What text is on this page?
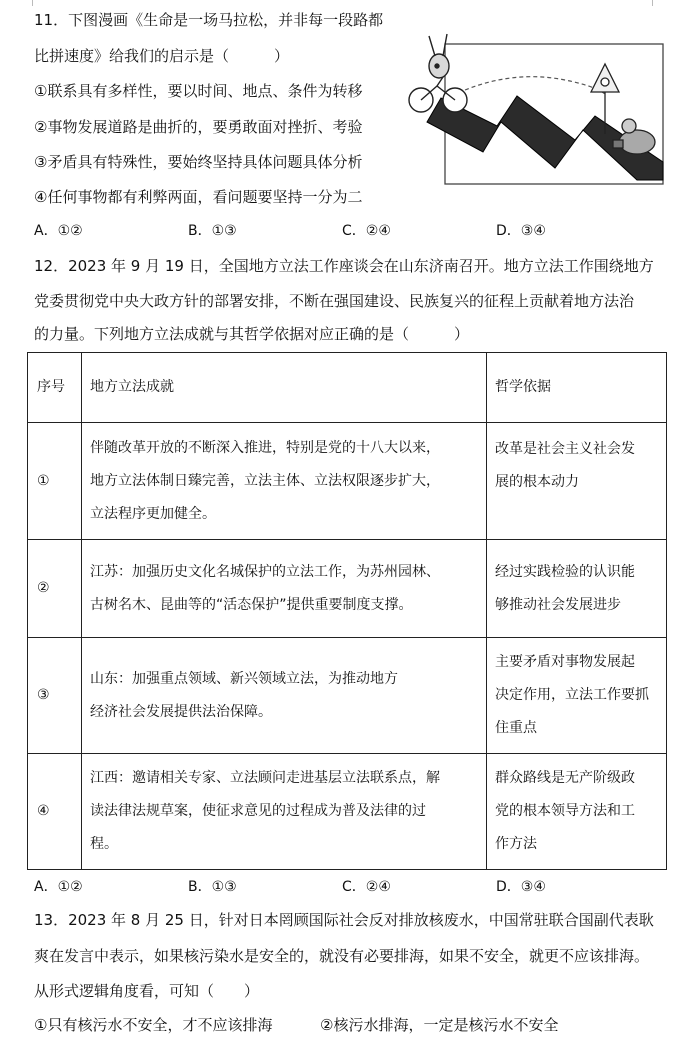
11．下图漫画《生命是一场马拉松，并非每一段路都
比拼速度》给我们的启示是（　　　）
①联系具有多样性，要以时间、地点、条件为转移
②事物发展道路是曲折的，要勇敢面对挫折、考验
③矛盾具有特殊性，要始终坚持具体问题具体分析
④任何事物都有利弊两面，看问题要坚持一分为二
A．①②	B．①③	C．②④	D．③④
12．2023 年 9 月 19 日，全国地方立法工作座谈会在山东济南召开。地方立法工作围绕地方
党委贯彻党中央大政方针的部署安排，不断在强国建设、民族复兴的征程上贡献着地方法治
的力量。下列地方立法成就与其哲学依据对应正确的是（　　　）
序号	地方立法成就	哲学依据
①	伴随改革开放的不断深入推进，特别是党的十八大以来，
地方立法体制日臻完善，立法主体、立法权限逐步扩大，
立法程序更加健全。	改革是社会主义社会发
展的根本动力

②	江苏：加强历史文化名城保护的立法工作，为苏州园林、
古树名木、昆曲等的“活态保护”提供重要制度支撑。	经过实践检验的认识能
够推动社会发展进步

③	山东：加强重点领域、新兴领域立法，为推动地方
经济社会发展提供法治保障。	主要矛盾对事物发展起
决定作用，立法工作要抓
住重点

④	江西：邀请相关专家、立法顾问走进基层立法联系点，解
读法律法规草案，使征求意见的过程成为普及法律的过
程。	群众路线是无产阶级政
党的根本领导方法和工
作方法
A．①②	B．①③	C．②④	D．③④
13．2023 年 8 月 25 日，针对日本罔顾国际社会反对排放核废水，中国常驻联合国副代表耿
爽在发言中表示，如果核污染水是安全的，就没有必要排海，如果不安全，就更不应该排海。
从形式逻辑角度看，可知（　　）
①只有核污水不安全，才不应该排海	②核污水排海，一定是核污水不安全
